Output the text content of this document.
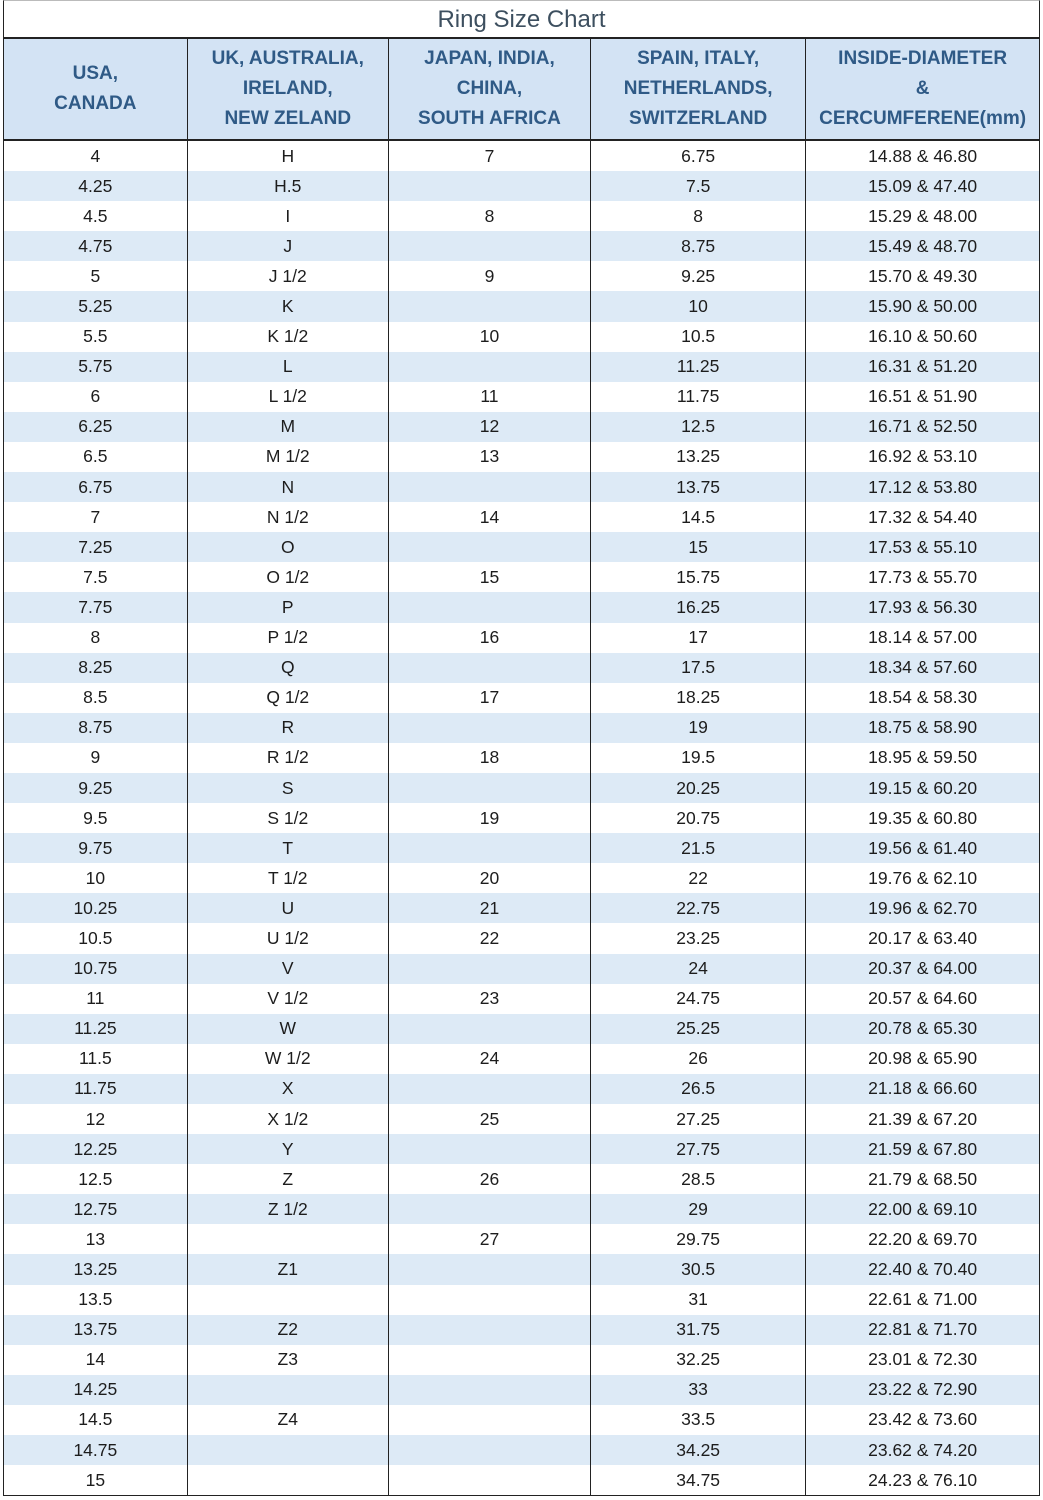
Ring Size Chart
USA,
CANADA	UK, AUSTRALIA,
IRELAND,
NEW ZELAND	JAPAN, INDIA,
CHINA,
SOUTH AFRICA	SPAIN, ITALY,
NETHERLANDS,
SWITZERLAND	INSIDE-DIAMETER
&
CERCUMFERENE(mm)
4	H	7	6.75	14.88 & 46.80
4.25	H.5		7.5	15.09 & 47.40
4.5	I	8	8	15.29 & 48.00
4.75	J		8.75	15.49 & 48.70
5	J 1/2	9	9.25	15.70 & 49.30
5.25	K		10	15.90 & 50.00
5.5	K 1/2	10	10.5	16.10 & 50.60
5.75	L		11.25	16.31 & 51.20
6	L 1/2	11	11.75	16.51 & 51.90
6.25	M	12	12.5	16.71 & 52.50
6.5	M 1/2	13	13.25	16.92 & 53.10
6.75	N		13.75	17.12 & 53.80
7	N 1/2	14	14.5	17.32 & 54.40
7.25	O		15	17.53 & 55.10
7.5	O 1/2	15	15.75	17.73 & 55.70
7.75	P		16.25	17.93 & 56.30
8	P 1/2	16	17	18.14 & 57.00
8.25	Q		17.5	18.34 & 57.60
8.5	Q 1/2	17	18.25	18.54 & 58.30
8.75	R		19	18.75 & 58.90
9	R 1/2	18	19.5	18.95 & 59.50
9.25	S		20.25	19.15 & 60.20
9.5	S 1/2	19	20.75	19.35 & 60.80
9.75	T		21.5	19.56 & 61.40
10	T 1/2	20	22	19.76 & 62.10
10.25	U	21	22.75	19.96 & 62.70
10.5	U 1/2	22	23.25	20.17 & 63.40
10.75	V		24	20.37 & 64.00
11	V 1/2	23	24.75	20.57 & 64.60
11.25	W		25.25	20.78 & 65.30
11.5	W 1/2	24	26	20.98 & 65.90
11.75	X		26.5	21.18 & 66.60
12	X 1/2	25	27.25	21.39 & 67.20
12.25	Y		27.75	21.59 & 67.80
12.5	Z	26	28.5	21.79 & 68.50
12.75	Z 1/2		29	22.00 & 69.10
13		27	29.75	22.20 & 69.70
13.25	Z1		30.5	22.40 & 70.40
13.5			31	22.61 & 71.00
13.75	Z2		31.75	22.81 & 71.70
14	Z3		32.25	23.01 & 72.30
14.25			33	23.22 & 72.90
14.5	Z4		33.5	23.42 & 73.60
14.75			34.25	23.62 & 74.20
15			34.75	24.23 & 76.10
